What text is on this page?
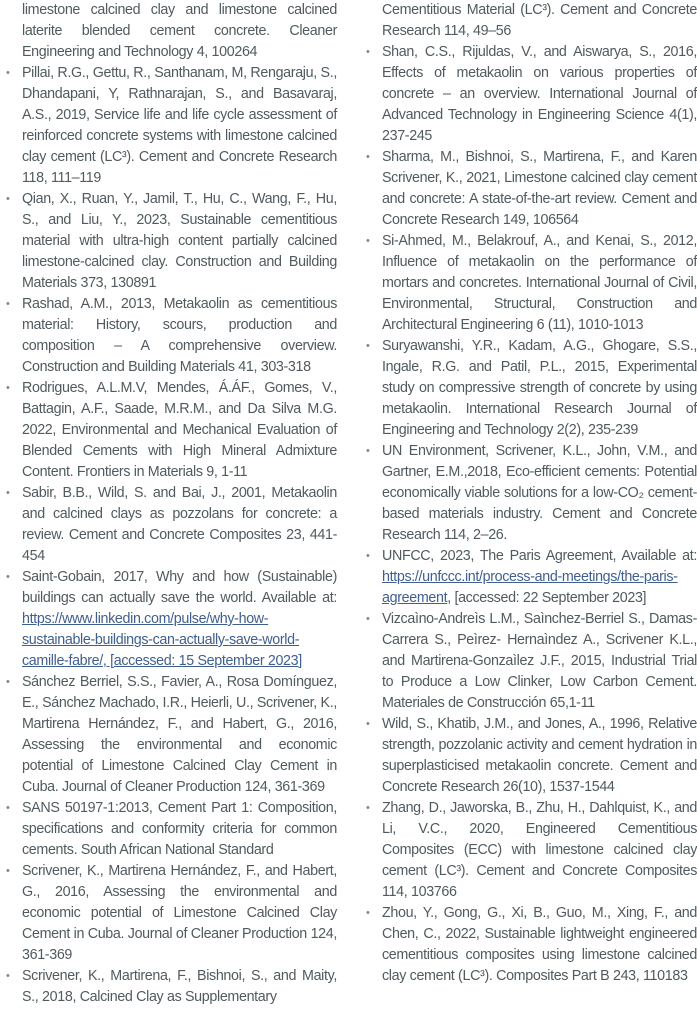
limestone calcined clay and limestone calcined laterite blended cement concrete. Cleaner Engineering and Technology 4, 100264

• Pillai, R.G., Gettu, R., Santhanam, M, Rengaraju, S., Dhandapani, Y, Rathnarajan, S., and Basavaraj, A.S., 2019, Service life and life cycle assessment of reinforced concrete systems with limestone calcined clay cement (LC³). Cement and Concrete Research 118, 111–119

• Qian, X., Ruan, Y., Jamil, T., Hu, C., Wang, F., Hu, S., and Liu, Y., 2023, Sustainable cementitious material with ultra-high content partially calcined limestone-calcined clay. Construction and Building Materials 373, 130891

• Rashad, A.M., 2013, Metakaolin as cementitious material: History, scours, production and composition – A comprehensive overview. Construction and Building Materials 41, 303-318

• Rodrigues, A.L.M.V, Mendes, Á.ÁF., Gomes, V., Battagin, A.F., Saade, M.R.M., and Da Silva M.G. 2022, Environmental and Mechanical Evaluation of Blended Cements with High Mineral Admixture Content. Frontiers in Materials 9, 1-11

• Sabir, B.B., Wild, S. and Bai, J., 2001, Metakaolin and calcined clays as pozzolans for concrete: a review. Cement and Concrete Composites 23, 441-454

• Saint-Gobain, 2017, Why and how (Sustainable) buildings can actually save the world. Available at: https://www.linkedin.com/pulse/why-how-sustainable-buildings-can-actually-save-world-camille-fabre/, [accessed: 15 September 2023]

• Sánchez Berriel, S.S., Favier, A., Rosa Domínguez, E., Sánchez Machado, I.R., Heierli, U., Scrivener, K., Martirena Hernández, F., and Habert, G., 2016, Assessing the environmental and economic potential of Limestone Calcined Clay Cement in Cuba. Journal of Cleaner Production 124, 361-369

• SANS 50197-1:2013, Cement Part 1: Composition, specifications and conformity criteria for common cements. South African National Standard

• Scrivener, K., Martirena Hernández, F., and Habert, G., 2016, Assessing the environmental and economic potential of Limestone Calcined Clay Cement in Cuba. Journal of Cleaner Production 124, 361-369

• Scrivener, K., Martirena, F., Bishnoi, S., and Maity, S., 2018, Calcined Clay as Supplementary

Cementitious Material (LC³). Cement and Concrete Research 114, 49–56

• Shan, C.S., Rijuldas, V., and Aiswarya, S., 2016, Effects of metakaolin on various properties of concrete – an overview. International Journal of Advanced Technology in Engineering Science 4(1), 237-245

• Sharma, M., Bishnoi, S., Martirena, F., and Karen Scrivener, K., 2021, Limestone calcined clay cement and concrete: A state-of-the-art review. Cement and Concrete Research 149, 106564

• Si-Ahmed, M., Belakrouf, A., and Kenai, S., 2012, Influence of metakaolin on the performance of mortars and concretes. International Journal of Civil, Environmental, Structural, Construction and Architectural Engineering 6 (11), 1010-1013

• Suryawanshi, Y.R., Kadam, A.G., Ghogare, S.S., Ingale, R.G. and Patil, P.L., 2015, Experimental study on compressive strength of concrete by using metakaolin. International Research Journal of Engineering and Technology 2(2), 235-239

• UN Environment, Scrivener, K.L., John, V.M., and Gartner, E.M.,2018, Eco-efficient cements: Potential economically viable solutions for a low-CO₂ cement-based materials industry. Cement and Concrete Research 114, 2–26.

• UNFCC, 2023, The Paris Agreement, Available at: https://unfccc.int/process-and-meetings/the-paris-agreement, [accessed: 22 September 2023]

• Vizcaìno-Andreìs L.M., Saìnchez-Berriel S., Damas-Carrera S., Peìrez- Hernaìndez A., Scrivener K.L., and Martirena-Gonzaìlez J.F., 2015, Industrial Trial to Produce a Low Clinker, Low Carbon Cement. Materiales de Construcción 65,1-11

• Wild, S., Khatib, J.M., and Jones, A., 1996, Relative strength, pozzolanic activity and cement hydration in superplasticised metakaolin concrete. Cement and Concrete Research 26(10), 1537-1544

• Zhang, D., Jaworska, B., Zhu, H., Dahlquist, K., and Li, V.C., 2020, Engineered Cementitious Composites (ECC) with limestone calcined clay cement (LC³). Cement and Concrete Composites 114, 103766

• Zhou, Y., Gong, G., Xi, B., Guo, M., Xing, F., and Chen, C., 2022, Sustainable lightweight engineered cementitious composites using limestone calcined clay cement (LC³). Composites Part B 243, 110183
